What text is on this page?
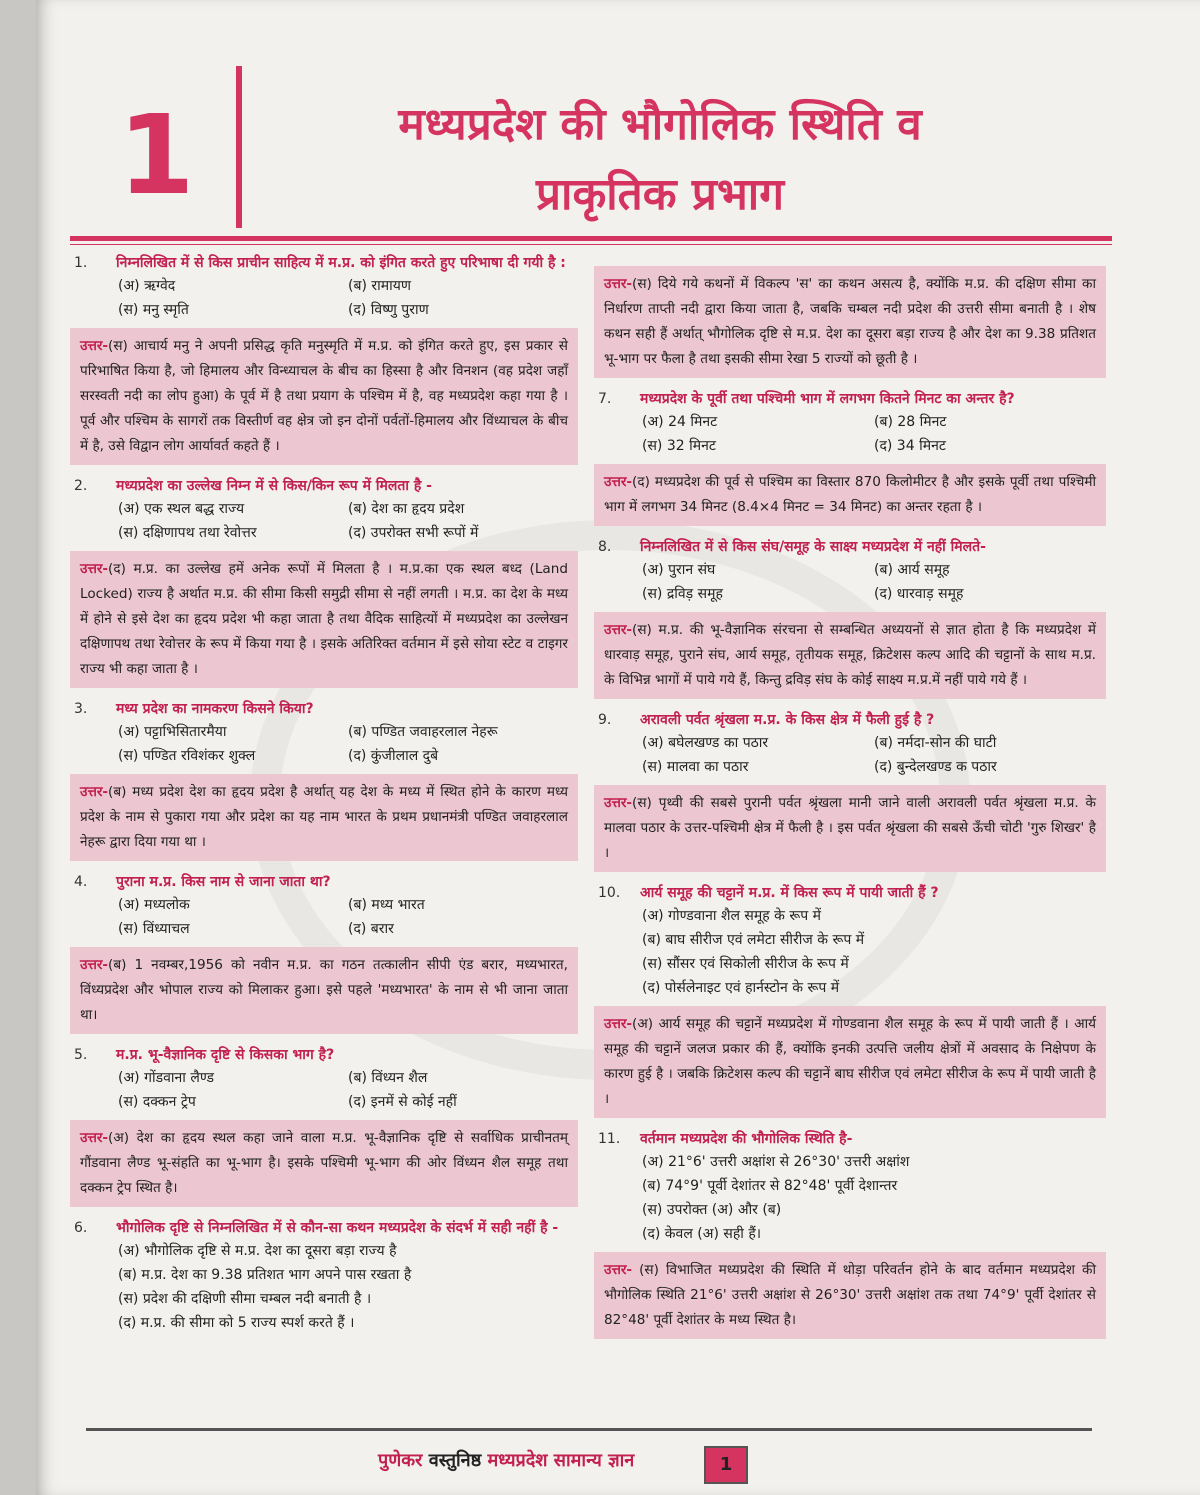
1	मध्यप्रदेश की भौगोलिक स्थिति व
प्राकृतिक प्रभाग
1.	निम्नलिखित में से किस प्राचीन साहित्य में म.प्र. को इंगित करते हुए परिभाषा दी गयी है :
(अ) ऋग्वेद	(ब) रामायण
(स) मनु स्मृति	(द) विष्णु पुराण
उत्तर-(स) आचार्य मनु ने अपनी प्रसिद्ध कृति मनुस्मृति में म.प्र. को इंगित करते हुए, इस प्रकार से परिभाषित किया है, जो हिमालय और विन्ध्याचल के बीच का हिस्सा है और विनशन (वह प्रदेश जहाँ सरस्वती नदी का लोप हुआ) के पूर्व में है तथा प्रयाग के पश्चिम में है, वह मध्यप्रदेश कहा गया है । पूर्व और पश्चिम के सागरों तक विस्तीर्ण वह क्षेत्र जो इन दोनों पर्वतों-हिमालय और विंध्याचल के बीच में है, उसे विद्वान लोग आर्यावर्त कहते हैं ।
2.	मध्यप्रदेश का उल्लेख निम्न में से किस/किन रूप में मिलता है -
(अ) एक स्थल बद्ध राज्य	(ब) देश का हृदय प्रदेश
(स) दक्षिणापथ तथा रेवोत्तर	(द) उपरोक्त सभी रूपों में
उत्तर-(द) म.प्र. का उल्लेख हमें अनेक रूपों में मिलता है । म.प्र.का एक स्थल बध्द (Land Locked) राज्य है अर्थात म.प्र. की सीमा किसी समुद्री सीमा से नहीं लगती । म.प्र. का देश के मध्य में होने से इसे देश का हृदय प्रदेश भी कहा जाता है तथा वैदिक साहित्यों में मध्यप्रदेश का उल्लेखन दक्षिणापथ तथा रेवोत्तर के रूप में किया गया है । इसके अतिरिक्त वर्तमान में इसे सोया स्टेट व टाइगर राज्य भी कहा जाता है ।
3.	मध्य प्रदेश का नामकरण किसने किया?
(अ) पट्टाभिसितारमैया	(ब) पण्डित जवाहरलाल नेहरू
(स) पण्डित रविशंकर शुक्ल	(द) कुंजीलाल दुबे
उत्तर-(ब) मध्य प्रदेश देश का हृदय प्रदेश है अर्थात् यह देश के मध्य में स्थित होने के कारण मध्य प्रदेश के नाम से पुकारा गया और प्रदेश का यह नाम भारत के प्रथम प्रधानमंत्री पण्डित जवाहरलाल नेहरू द्वारा दिया गया था ।
4.	पुराना म.प्र. किस नाम से जाना जाता था?
(अ) मध्यलोक	(ब) मध्य भारत
(स) विंध्याचल	(द) बरार
उत्तर-(ब) 1 नवम्बर,1956 को नवीन म.प्र. का गठन तत्कालीन सीपी एंड बरार, मध्यभारत, विंध्यप्रदेश और भोपाल राज्य को मिलाकर हुआ। इसे पहले 'मध्यभारत' के नाम से भी जाना जाता था।
5.	म.प्र. भू-वैज्ञानिक दृष्टि से किसका भाग है?
(अ) गोंडवाना लैण्ड	(ब) विंध्यन शैल
(स) दक्कन ट्रेप	(द) इनमें से कोई नहीं
उत्तर-(अ) देश का हृदय स्थल कहा जाने वाला म.प्र. भू-वैज्ञानिक दृष्टि से सर्वाधिक प्राचीनतम् गौंडवाना लैण्ड भू-संहति का भू-भाग है। इसके पश्चिमी भू-भाग की ओर विंध्यन शैल समूह तथा दक्कन ट्रेप स्थित है।
6.	भौगोलिक दृष्टि से निम्नलिखित में से कौन-सा कथन मध्यप्रदेश के संदर्भ में सही नहीं है -
(अ) भौगोलिक दृष्टि से म.प्र. देश का दूसरा बड़ा राज्य है
(ब) म.प्र. देश का 9.38 प्रतिशत भाग अपने पास रखता है
(स) प्रदेश की दक्षिणी सीमा चम्बल नदी बनाती है ।
(द) म.प्र. की सीमा को 5 राज्य स्पर्श करते हैं ।
उत्तर-(स) दिये गये कथनों में विकल्प 'स' का कथन असत्य है, क्योंकि म.प्र. की दक्षिण सीमा का निर्धारण ताप्ती नदी द्वारा किया जाता है, जबकि चम्बल नदी प्रदेश की उत्तरी सीमा बनाती है । शेष कथन सही हैं अर्थात् भौगोलिक दृष्टि से म.प्र. देश का दूसरा बड़ा राज्य है और देश का 9.38 प्रतिशत भू-भाग पर फैला है तथा इसकी सीमा रेखा 5 राज्यों को छूती है ।
7.	मध्यप्रदेश के पूर्वी तथा पश्चिमी भाग में लगभग कितने मिनट का अन्तर है?
(अ) 24 मिनट	(ब) 28 मिनट
(स) 32 मिनट	(द) 34 मिनट
उत्तर-(द) मध्यप्रदेश की पूर्व से पश्चिम का विस्तार 870 किलोमीटर है और इसके पूर्वी तथा पश्चिमी भाग में लगभग 34 मिनट (8.4×4 मिनट = 34 मिनट) का अन्तर रहता है ।
8.	निम्नलिखित में से किस संघ/समूह के साक्ष्य मध्यप्रदेश में नहीं मिलते-
(अ) पुरान संघ	(ब) आर्य समूह
(स) द्रविड़ समूह	(द) धारवाड़ समूह
उत्तर-(स) म.प्र. की भू-वैज्ञानिक संरचना से सम्बन्धित अध्ययनों से ज्ञात होता है कि मध्यप्रदेश में धारवाड़ समूह, पुराने संघ, आर्य समूह, तृतीयक समूह, क्रिटेशस कल्प आदि की चट्टानों के साथ म.प्र. के विभिन्न भागों में पाये गये हैं, किन्तु द्रविड़ संघ के कोई साक्ष्य म.प्र.में नहीं पाये गये हैं ।
9.	अरावली पर्वत श्रृंखला म.प्र. के किस क्षेत्र में फैली हुई है ?
(अ) बघेलखण्ड का पठार	(ब) नर्मदा-सोन की घाटी
(स) मालवा का पठार	(द) बुन्देलखण्ड क पठार
उत्तर-(स) पृथ्वी की सबसे पुरानी पर्वत श्रृंखला मानी जाने वाली अरावली पर्वत श्रृंखला म.प्र. के मालवा पठार के उत्तर-पश्चिमी क्षेत्र में फैली है । इस पर्वत श्रृंखला की सबसे ऊँची चोटी 'गुरु शिखर' है ।
10.	आर्य समूह की चट्टानें म.प्र. में किस रूप में पायी जाती हैं ?
(अ) गोण्डवाना शैल समूह के रूप में
(ब) बाघ सीरीज एवं लमेटा सीरीज के रूप में
(स) सौंसर एवं सिकोली सीरीज के रूप में
(द) पोर्सलेनाइट एवं हार्नस्टोन के रूप में
उत्तर-(अ) आर्य समूह की चट्टानें मध्यप्रदेश में गोण्डवाना शैल समूह के रूप में पायी जाती हैं । आर्य समूह की चट्टानें जलज प्रकार की हैं, क्योंकि इनकी उत्पत्ति जलीय क्षेत्रों में अवसाद के निक्षेपण के कारण हुई है । जबकि क्रिटेशस कल्प की चट्टानें बाघ सीरीज एवं लमेटा सीरीज के रूप में पायी जाती है ।
11.	वर्तमान मध्यप्रदेश की भौगोलिक स्थिति है-
(अ) 21°6' उत्तरी अक्षांश से 26°30' उत्तरी अक्षांश
(ब) 74°9' पूर्वी देशांतर से 82°48' पूर्वी देशान्तर
(स) उपरोक्त (अ) और (ब)
(द) केवल (अ) सही हैं।
उत्तर- (स) विभाजित मध्यप्रदेश की स्थिति में थोड़ा परिवर्तन होने के बाद वर्तमान मध्यप्रदेश की भौगोलिक स्थिति 21°6' उत्तरी अक्षांश से 26°30' उत्तरी अक्षांश तक तथा 74°9' पूर्वी देशांतर से 82°48' पूर्वी देशांतर के मध्य स्थित है।
पुणेकर वस्तुनिष्ठ मध्यप्रदेश सामान्य ज्ञान	1
